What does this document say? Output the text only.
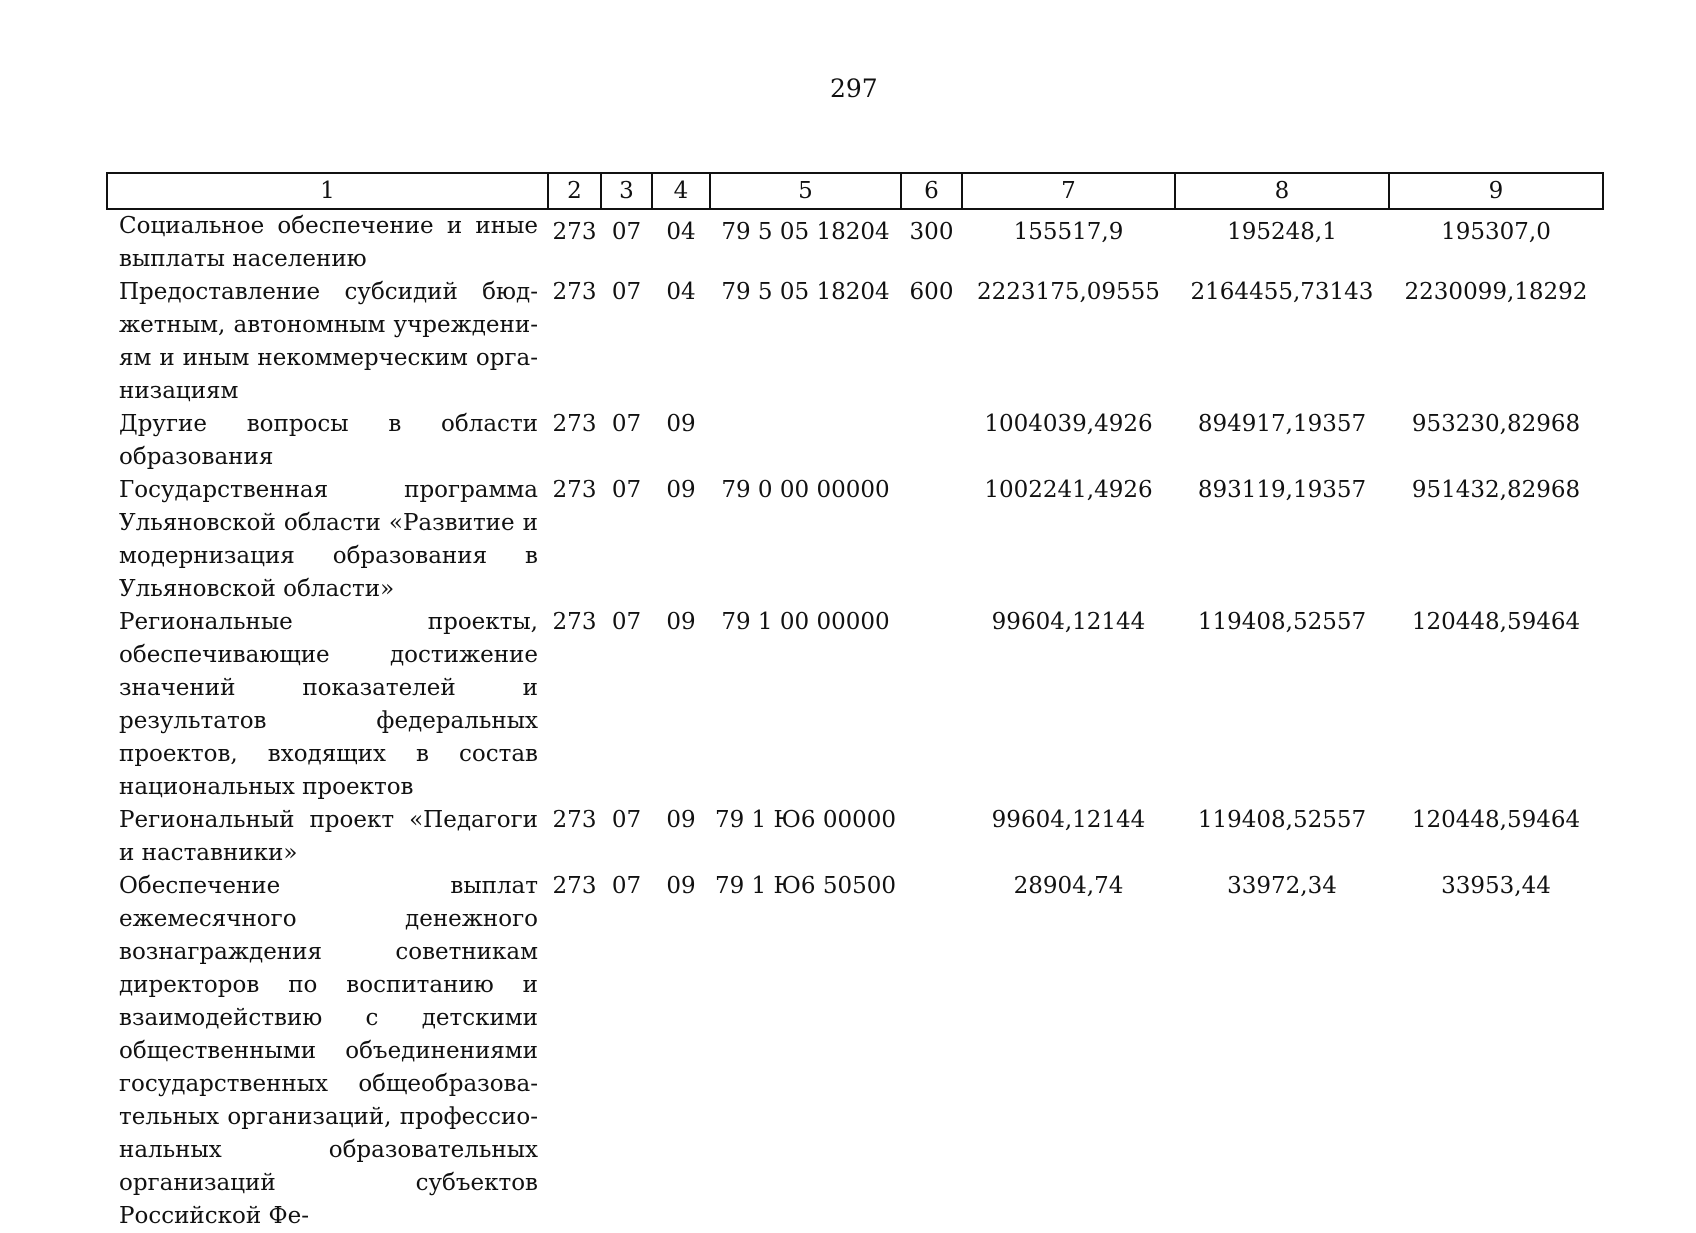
297
1	2	3	4	5	6	7	8	9
Социальное обеспечение и иные выплаты населению	273	07	04	79 5 05 18204	300	155517,9	195248,1	195307,0
Предоставление субсидий бюджетным, автономным учреждениям и иным некоммерческим организациям	273	07	04	79 5 05 18204	600	2223175,09555	2164455,73143	2230099,18292
Другие вопросы в области образования	273	07	09			1004039,4926	894917,19357	953230,82968
Государственная программа Ульяновской области «Развитие и модернизация образования в Ульяновской области»	273	07	09	79 0 00 00000		1002241,4926	893119,19357	951432,82968
Региональные проекты, обеспечивающие достижение значений показателей и результатов федеральных проектов, входящих в состав национальных проектов	273	07	09	79 1 00 00000		99604,12144	119408,52557	120448,59464
Региональный проект «Педагоги и наставники»	273	07	09	79 1 Ю6 00000		99604,12144	119408,52557	120448,59464
Обеспечение выплат ежемесячного денежного вознаграждения советникам директоров по воспитанию и взаимодействию с детскими общественными объединениями государственных общеобразовательных организаций, профессиональных образовательных организаций субъектов Российской Фе-	273	07	09	79 1 Ю6 50500		28904,74	33972,34	33953,44
